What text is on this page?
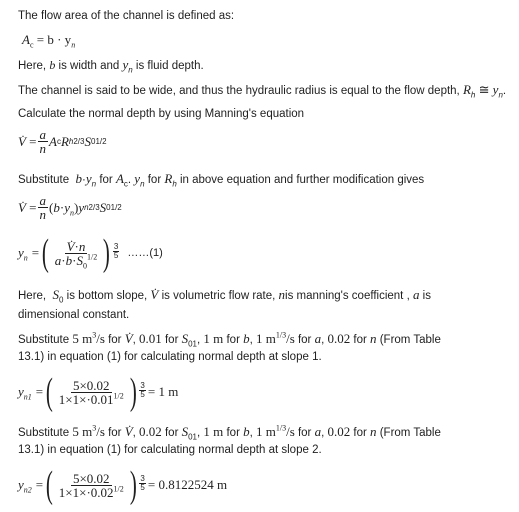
The flow area of the channel is defined as:
$A_c = b \cdot y_n$
Here, b is width and $y_n$ is fluid depth.
The channel is said to be wide, and thus the hydraulic radius is equal to the flow depth, $R_h$ ≅ $y_n$.
Calculate the normal depth by using Manning's equation
V̇
= $\frac{a}{n}$ A c R h 2/3 S 0 1/2
Substitute $b\cdot y_n$ for $A_c$. $y_n$ for $R_h$ in above equation and further modification gives
V̇
= $\frac{a}{n} (b\cdot y_n)$ y n 2/3 S 0 1/2
$y_n$ = ( $\frac{V̇\cdot n}{a\cdot b\cdot S_0^{1/2}}$ ) 3
5 ……(1)
Here, $S_0$ is bottom slope, V̇ is volumetric flow rate, nis manning's coefficient , a is
dimensional constant.
Substitute 5 $m^3/s$ for V̇, 0.01 for $S_{01}$, 1 m for b, 1 $m^{1/3}/s$ for a, 0.02 for n (From Table
13.1) in equation (1) for calculating normal depth at slope 1.
$y_{n1}$ = ( $\frac{5\times 0.02}{1\times 1\times\cdot 0.01^{1/2}}$ ) $\frac{3}{5} = 1$ m
Substitute 5 $m^3/s$ for V̇, 0.02 for $S_{01}$, 1 m for b, 1 $m^{1/3}/s$ for a, 0.02 for n (From Table
13.1) in equation (1) for calculating normal depth at slope 2.
$y_{n2}$ = ( $\frac{5\times 0.02}{1\times 1\times\cdot 0.02^{1/2}}$ ) $\frac{3}{5} = 0.8122524$ m
